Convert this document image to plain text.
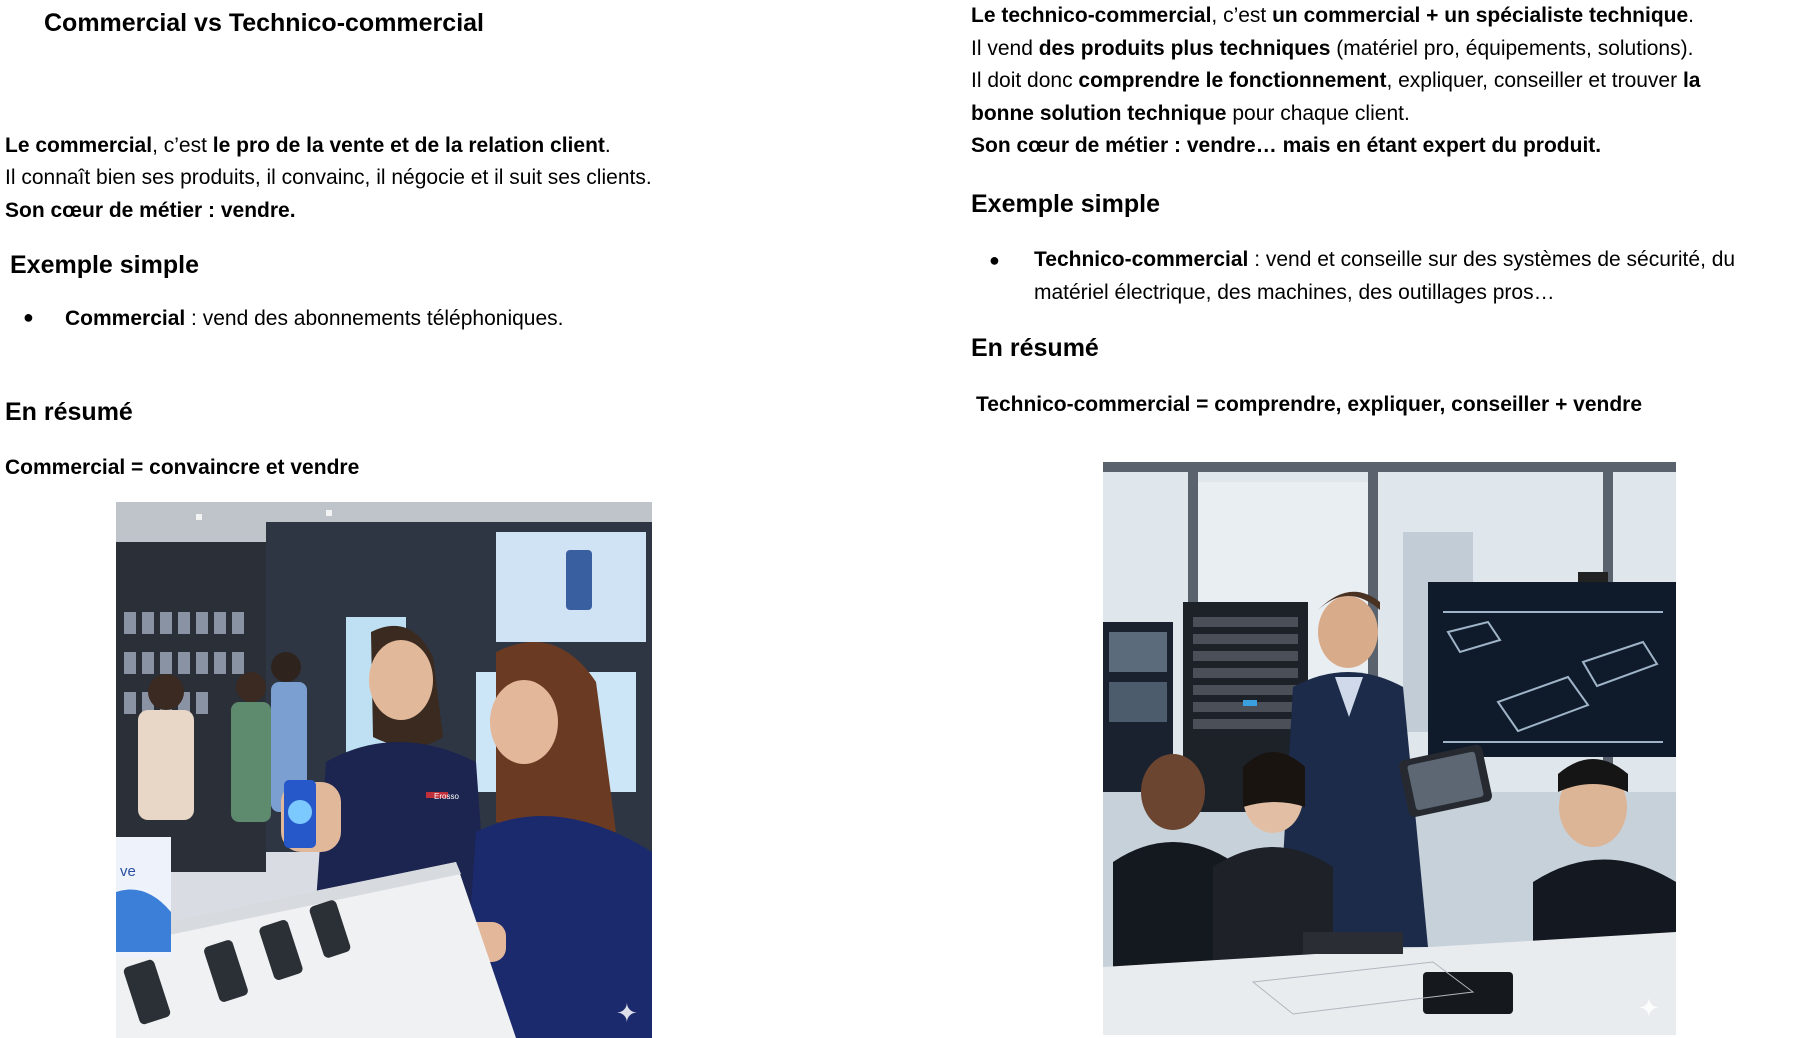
Commercial vs Technico-commercial
Le commercial, c’est le pro de la vente et de la relation client.
Il connaît bien ses produits, il convainc, il négocie et il suit ses clients.
Son cœur de métier : vendre.
Exemple simple
● Commercial : vend des abonnements téléphoniques.
En résumé
Commercial = convaincre et vendre
ve
Erosso
✦
Le technico-commercial, c’est un commercial + un spécialiste technique.
Il vend des produits plus techniques (matériel pro, équipements, solutions).
Il doit donc comprendre le fonctionnement, expliquer, conseiller et trouver la
bonne solution technique pour chaque client.
Son cœur de métier : vendre… mais en étant expert du produit.
Exemple simple
● Technico-commercial : vend et conseille sur des systèmes de sécurité, du
matériel électrique, des machines, des outillages pros…
En résumé
Technico-commercial = comprendre, expliquer, conseiller + vendre
✦
